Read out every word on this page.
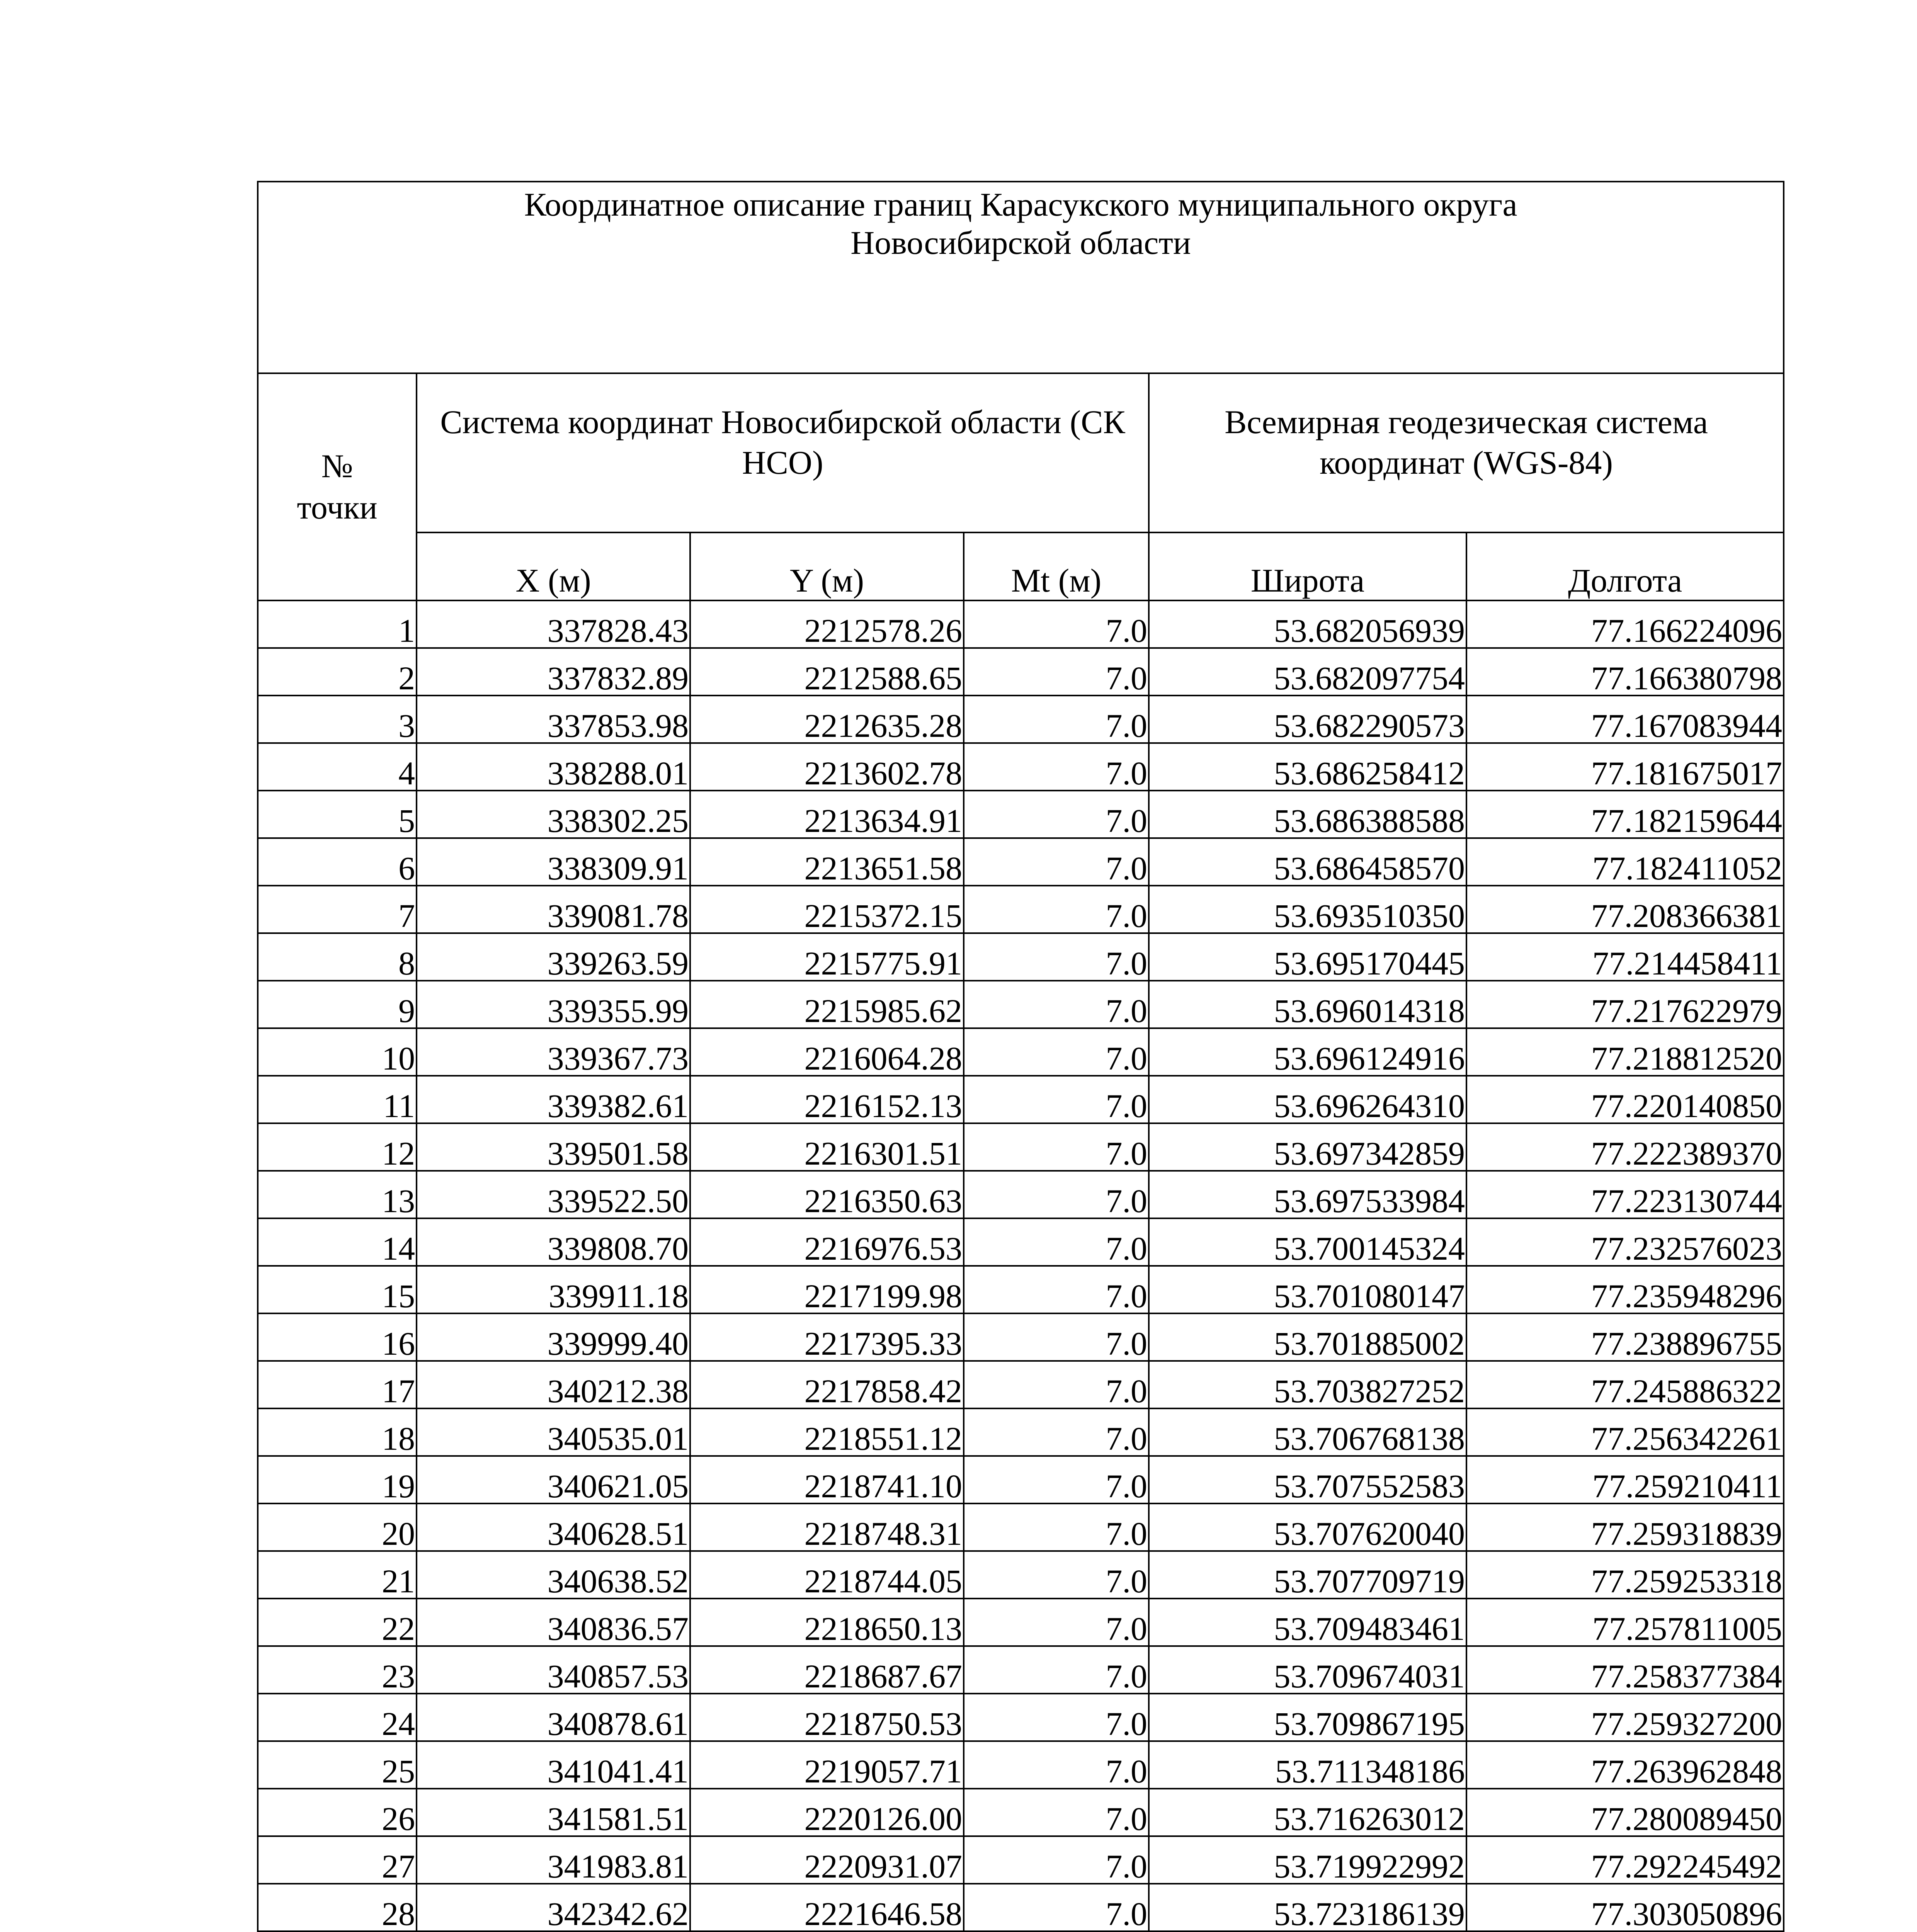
Координатное описание границ Карасукского муниципального округа
Новосибирской области					

№
точки	Система координат Новосибирской области (СК НСО)			Всемирная геодезическая система координат (WGS-84)	
	X (м)	Y (м)	Mt (м)	Широта	Долгота
1	337828.43	2212578.26	7.0	53.682056939	77.166224096
2	337832.89	2212588.65	7.0	53.682097754	77.166380798
3	337853.98	2212635.28	7.0	53.682290573	77.167083944
4	338288.01	2213602.78	7.0	53.686258412	77.181675017
5	338302.25	2213634.91	7.0	53.686388588	77.182159644
6	338309.91	2213651.58	7.0	53.686458570	77.182411052
7	339081.78	2215372.15	7.0	53.693510350	77.208366381
8	339263.59	2215775.91	7.0	53.695170445	77.214458411
9	339355.99	2215985.62	7.0	53.696014318	77.217622979
10	339367.73	2216064.28	7.0	53.696124916	77.218812520
11	339382.61	2216152.13	7.0	53.696264310	77.220140850
12	339501.58	2216301.51	7.0	53.697342859	77.222389370
13	339522.50	2216350.63	7.0	53.697533984	77.223130744
14	339808.70	2216976.53	7.0	53.700145324	77.232576023
15	339911.18	2217199.98	7.0	53.701080147	77.235948296
16	339999.40	2217395.33	7.0	53.701885002	77.238896755
17	340212.38	2217858.42	7.0	53.703827252	77.245886322
18	340535.01	2218551.12	7.0	53.706768138	77.256342261
19	340621.05	2218741.10	7.0	53.707552583	77.259210411
20	340628.51	2218748.31	7.0	53.707620040	77.259318839
21	340638.52	2218744.05	7.0	53.707709719	77.259253318
22	340836.57	2218650.13	7.0	53.709483461	77.257811005
23	340857.53	2218687.67	7.0	53.709674031	77.258377384
24	340878.61	2218750.53	7.0	53.709867195	77.259327200
25	341041.41	2219057.71	7.0	53.711348186	77.263962848
26	341581.51	2220126.00	7.0	53.716263012	77.280089450
27	341983.81	2220931.07	7.0	53.719922992	77.292245492
28	342342.62	2221646.58	7.0	53.723186139	77.303050896
